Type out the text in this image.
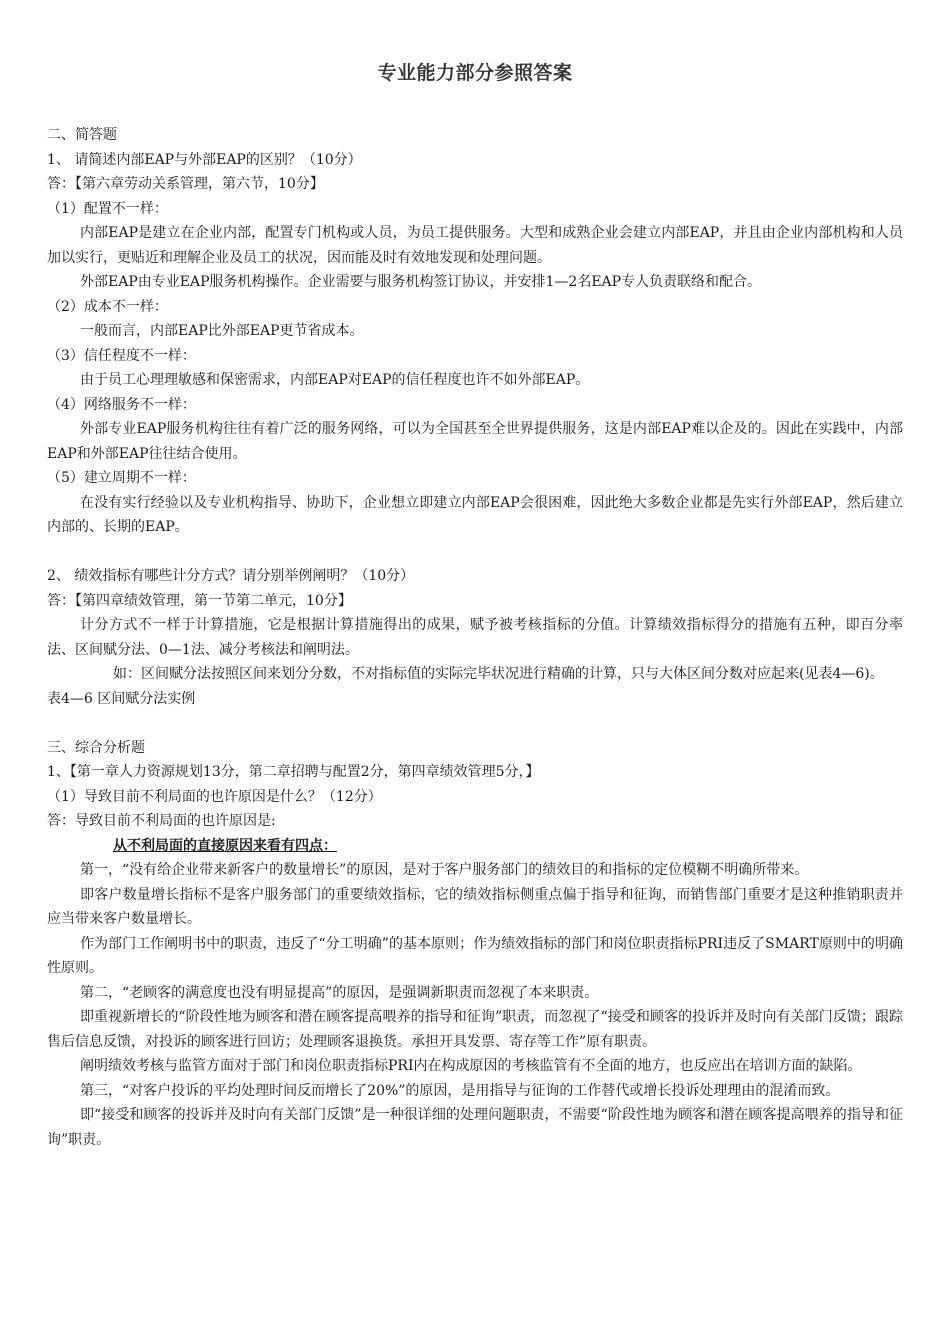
专业能力部分参照答案

二、简答题

1、 请简述内部EAP与外部EAP的区别？（10分）

答：【第六章劳动关系管理，第六节，10分】

（1）配置不一样：

内部EAP是建立在企业内部，配置专门机构或人员，为员工提供服务。大型和成熟企业会建立内部EAP，并且由企业内部机构和人员加以实行，更贴近和理解企业及员工的状况，因而能及时有效地发现和处理问题。

外部EAP由专业EAP服务机构操作。企业需要与服务机构签订协议，并安排1—2名EAP专人负责联络和配合。

（2）成本不一样：

一般而言，内部EAP比外部EAP更节省成本。

（3）信任程度不一样：

由于员工心理理敏感和保密需求，内部EAP对EAP的信任程度也许不如外部EAP。

（4）网络服务不一样：

外部专业EAP服务机构往往有着广泛的服务网络，可以为全国甚至全世界提供服务，这是内部EAP难以企及的。因此在实践中，内部EAP和外部EAP往往结合使用。

（5）建立周期不一样：

在没有实行经验以及专业机构指导、协助下，企业想立即建立内部EAP会很困难，因此绝大多数企业都是先实行外部EAP，然后建立内部的、长期的EAP。

2、 绩效指标有哪些计分方式？请分别举例阐明？（10分）

答：【第四章绩效管理，第一节第二单元，10分】

计分方式不一样于计算措施，它是根据计算措施得出的成果，赋予被考核指标的分值。计算绩效指标得分的措施有五种，即百分率法、区间赋分法、0—1法、减分考核法和阐明法。

如：区间赋分法按照区间来划分分数，不对指标值的实际完毕状况进行精确的计算，只与大体区间分数对应起来(见表4—6)。

表4—6 区间赋分法实例

三、综合分析题

1、【第一章人力资源规划13分，第二章招聘与配置2分，第四章绩效管理5分，】

（1）导致目前不利局面的也许原因是什么？（12分）

答：导致目前不利局面的也许原因是:

从不利局面的直接原因来看有四点：

第一，“没有给企业带来新客户的数量增长”的原因，是对于客户服务部门的绩效目的和指标的定位模糊不明确所带来。

即客户数量增长指标不是客户服务部门的重要绩效指标，它的绩效指标侧重点偏于指导和征询，而销售部门重要才是这种推销职责并应当带来客户数量增长。

作为部门工作阐明书中的职责，违反了“分工明确”的基本原则；作为绩效指标的部门和岗位职责指标PRI违反了SMART原则中的明确性原则。

第二，“老顾客的满意度也没有明显提高”的原因，是强调新职责而忽视了本来职责。

即重视新增长的“阶段性地为顾客和潜在顾客提高喂养的指导和征询”职责，而忽视了“接受和顾客的投诉并及时向有关部门反馈；跟踪售后信息反馈，对投诉的顾客进行回访；处理顾客退换货。承担开具发票、寄存等工作”原有职责。

阐明绩效考核与监管方面对于部门和岗位职责指标PRI内在构成原因的考核监管有不全面的地方，也反应出在培训方面的缺陷。

第三，“对客户投诉的平均处理时间反而增长了20%”的原因，是用指导与征询的工作替代或增长投诉处理理由的混淆而致。

即“接受和顾客的投诉并及时向有关部门反馈”是一种很详细的处理问题职责，不需要“阶段性地为顾客和潜在顾客提高喂养的指导和征询”职责。
